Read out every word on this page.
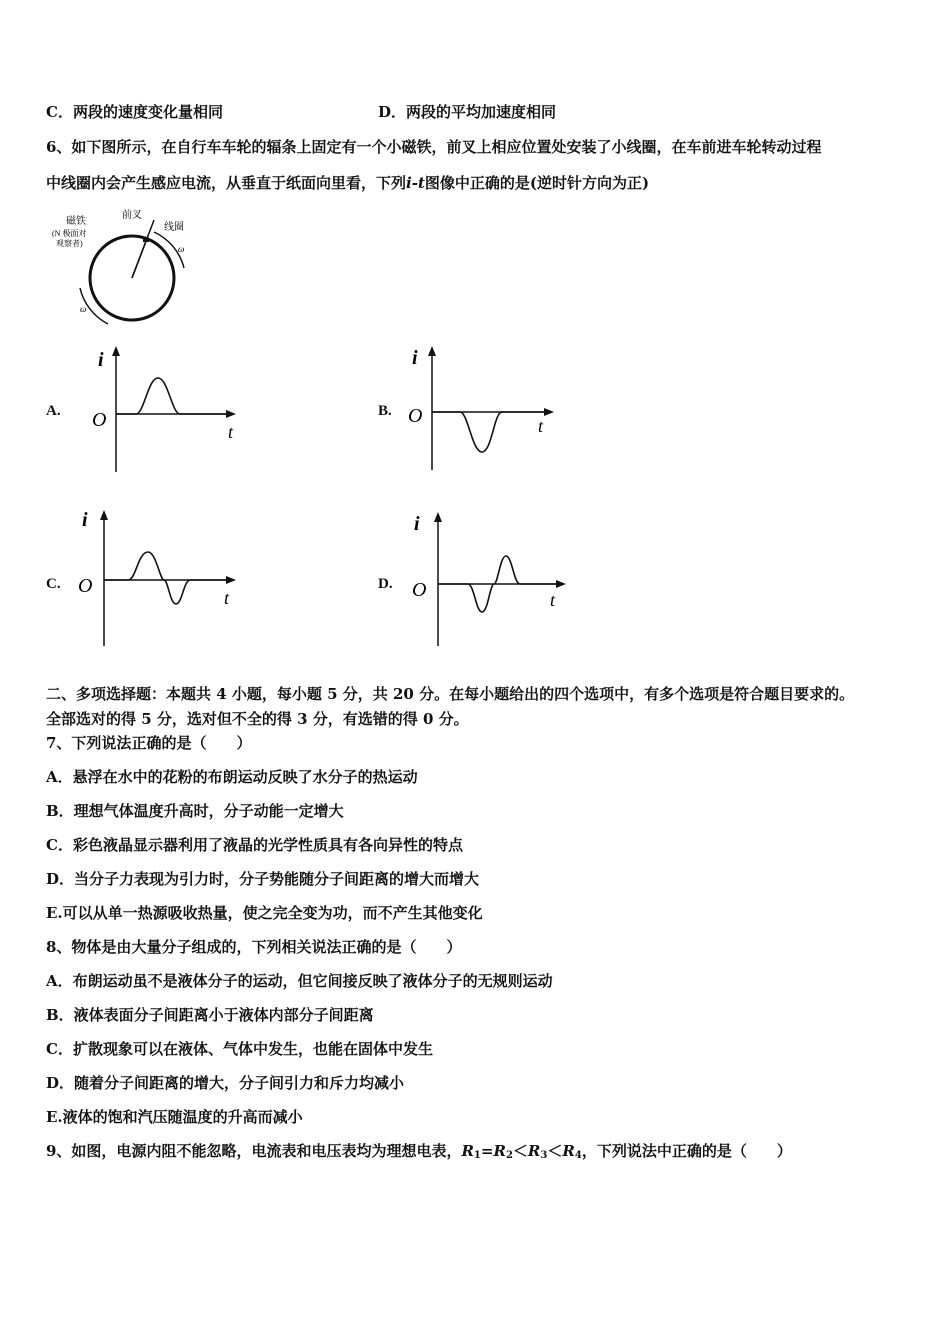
C．两段的速度变化量相同	D．两段的平均加速度相同
6、如下图所示，在自行车车轮的辐条上固定有一个小磁铁，前叉上相应位置处安装了小线圈，在车前进车轮转动过程
中线圈内会产生感应电流，从垂直于纸面向里看，下列i-t图像中正确的是(逆时针方向为正)
磁铁
(N 极面对
观察者)
前叉
线圈
ω
ω
A.
i
t
O	B.
i
t
O
C.
i
t
O	D.
i
t
O
二、多项选择题：本题共 4 小题，每小题 5 分，共 20 分。在每小题给出的四个选项中，有多个选项是符合题目要求的。
全部选对的得 5 分，选对但不全的得 3 分，有选错的得 0 分。
7、下列说法正确的是（　　）
A．悬浮在水中的花粉的布朗运动反映了水分子的热运动
B．理想气体温度升高时，分子动能一定增大
C．彩色液晶显示器利用了液晶的光学性质具有各向异性的特点
D．当分子力表现为引力时，分子势能随分子间距离的增大而增大
E.可以从单一热源吸收热量，使之完全变为功，而不产生其他变化
8、物体是由大量分子组成的，下列相关说法正确的是（　　）
A．布朗运动虽不是液体分子的运动，但它间接反映了液体分子的无规则运动
B．液体表面分子间距离小于液体内部分子间距离
C．扩散现象可以在液体、气体中发生，也能在固体中发生
D．随着分子间距离的增大，分子间引力和斥力均减小
E.液体的饱和汽压随温度的升高而减小
9、如图，电源内阻不能忽略，电流表和电压表均为理想电表，$R_1=R_2<R_3<R_4$，下列说法中正确的是（　　）
